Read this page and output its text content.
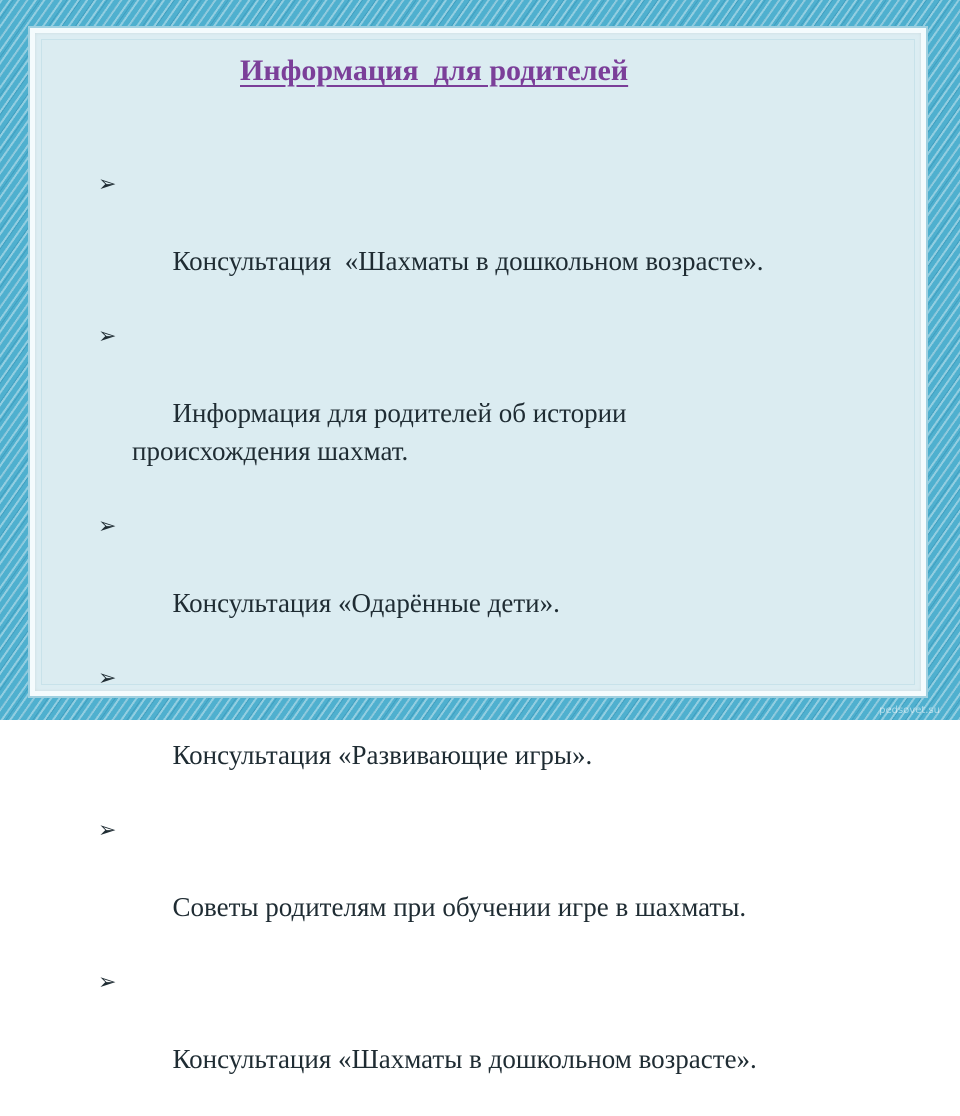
Информация  для родителей

➢

Консультация  «Шахматы в дошкольном возрасте».

➢

Информация для родителей об истории
происхождения шахмат.

➢

Консультация «Одарённые дети».

➢

Консультация «Развивающие игры».

➢

Советы родителям при обучении игре в шахматы.

➢

Консультация «Шахматы в дошкольном возрасте».

pedsovet.su
